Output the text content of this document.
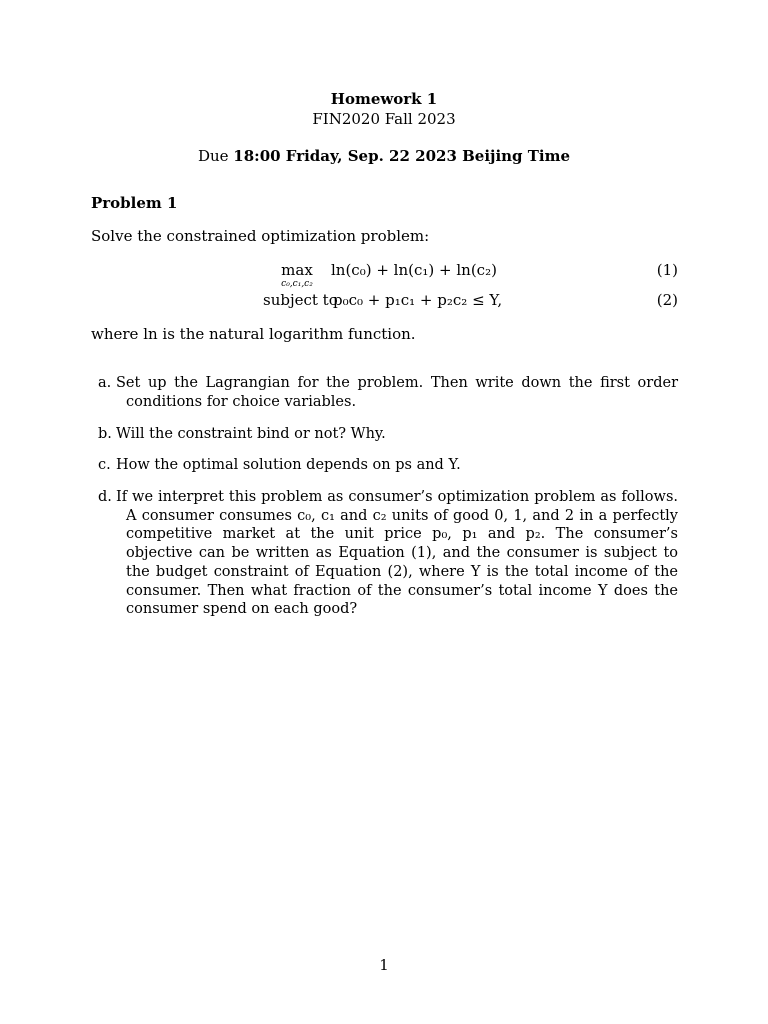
Homework 1
FIN2020 Fall 2023
Due 18:00 Friday, Sep. 22 2023 Beijing Time
Problem 1
Solve the constrained optimization problem:
max
c₀,c₁,c₂
ln(c₀) + ln(c₁) + ln(c₂)	(1)
subject to
p₀c₀ + p₁c₁ + p₂c₂ ≤ Y,	(2)
where ln is the natural logarithm function.
a. Set up the Lagrangian for the problem. Then write down the first order conditions for choice variables.
b. Will the constraint bind or not? Why.
c. How the optimal solution depends on ps and Y.
d. If we interpret this problem as consumer’s optimization problem as follows. A consumer consumes c₀, c₁ and c₂ units of good 0, 1, and 2 in a perfectly competitive market at the unit price p₀, p₁ and p₂. The consumer’s objective can be written as Equation (1), and the consumer is subject to the budget constraint of Equation (2), where Y is the total income of the consumer. Then what fraction of the consumer’s total income Y does the consumer spend on each good?
1
